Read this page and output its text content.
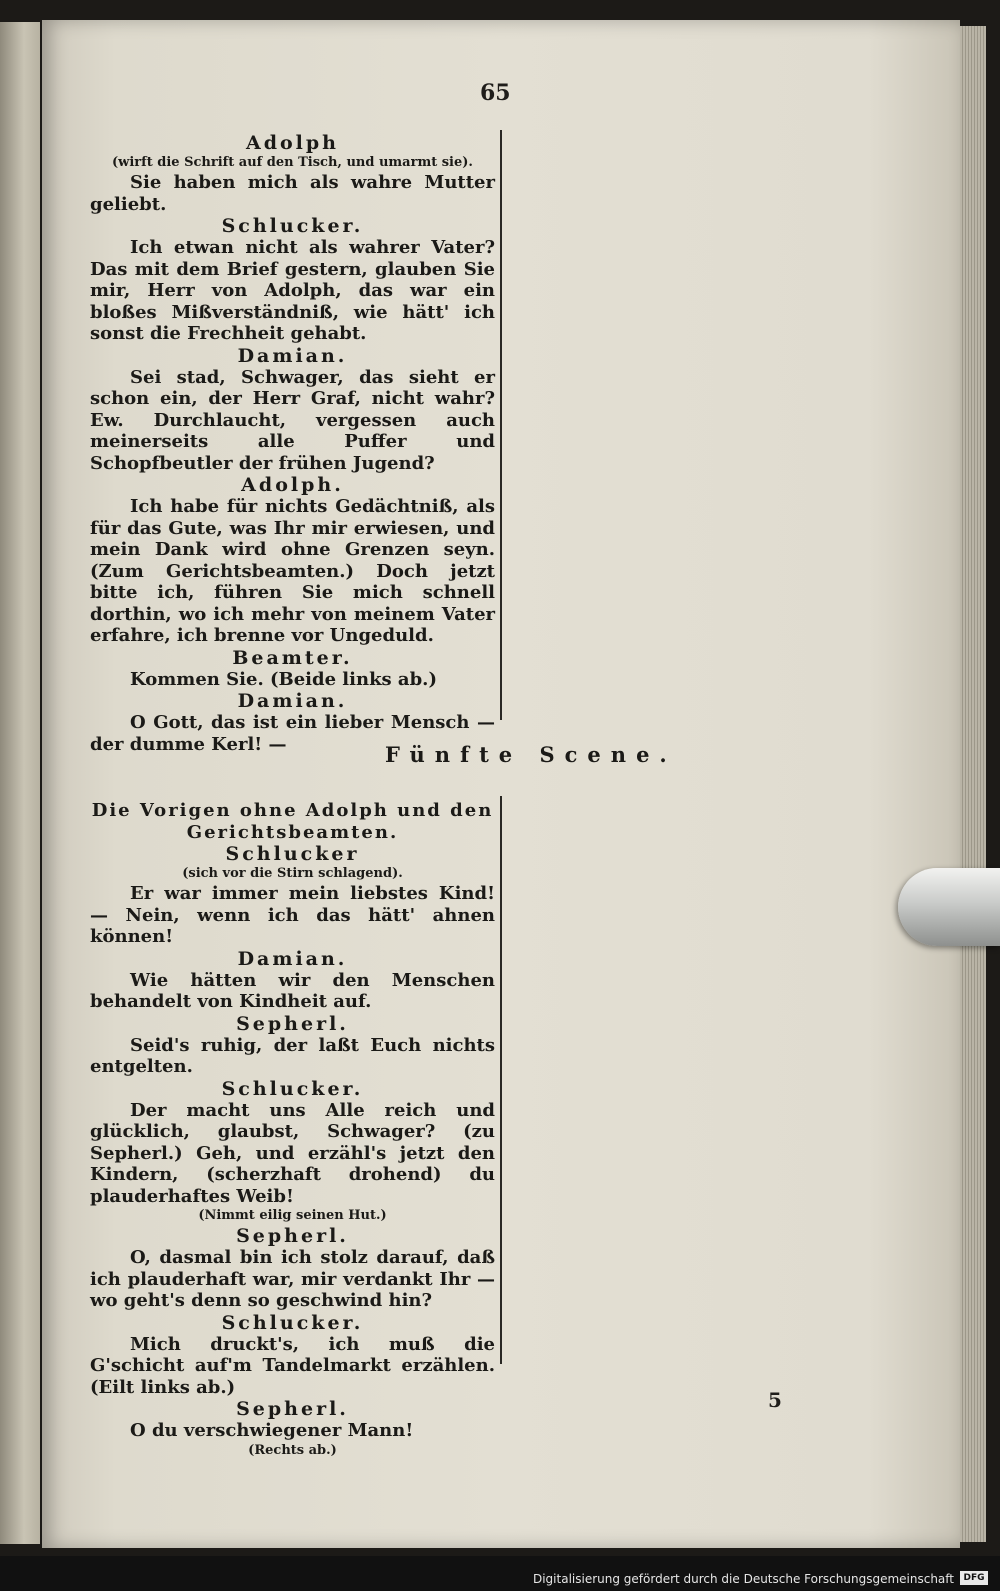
65
Adolph
(wirft die Schrift auf den Tisch, und umarmt sie).
Sie haben mich als wahre Mutter geliebt.
Schlucker.
Ich etwan nicht als wahrer Vater? Das mit dem Brief gestern, glauben Sie mir, Herr von Adolph, das war ein bloßes Mißverständniß, wie hätt' ich sonst die Frechheit gehabt.
Damian.
Sei stad, Schwager, das sieht er schon ein, der Herr Graf, nicht wahr? Ew. Durchlaucht, vergessen auch meinerseits alle Puffer und Schopfbeutler der frühen Jugend?
Adolph.
Ich habe für nichts Gedächtniß, als für das Gute, was Ihr mir erwiesen, und mein Dank wird ohne Grenzen seyn. (Zum Gerichtsbeamten.) Doch jetzt bitte ich, führen Sie mich schnell dorthin, wo ich mehr von meinem Vater erfahre, ich brenne vor Ungeduld.
Beamter.
Kommen Sie. (Beide links ab.)
Damian.
O Gott, das ist ein lieber Mensch — der dumme Kerl! —	Fünfte Scene.
Die Vorigen ohne Adolph und den Gerichtsbeamten.
Schlucker
(sich vor die Stirn schlagend).
Er war immer mein liebstes Kind! — Nein, wenn ich das hätt' ahnen können!
Damian.
Wie hätten wir den Menschen behandelt von Kindheit auf.
Sepherl.
Seid's ruhig, der laßt Euch nichts entgelten.
Schlucker.
Der macht uns Alle reich und glücklich, glaubst, Schwager? (zu Sepherl.) Geh, und erzähl's jetzt den Kindern, (scherzhaft drohend) du plauderhaftes Weib!
(Nimmt eilig seinen Hut.)
Sepherl.
O, dasmal bin ich stolz darauf, daß ich plauderhaft war, mir verdankt Ihr — wo geht's denn so geschwind hin?
Schlucker.
Mich druckt's, ich muß die G'schicht auf'm Tandelmarkt erzählen. (Eilt links ab.)
Sepherl.
O du verschwiegener Mann!
(Rechts ab.)
5
Digitalisierung gefördert durch die Deutsche Forschungsgemeinschaft	DFG
